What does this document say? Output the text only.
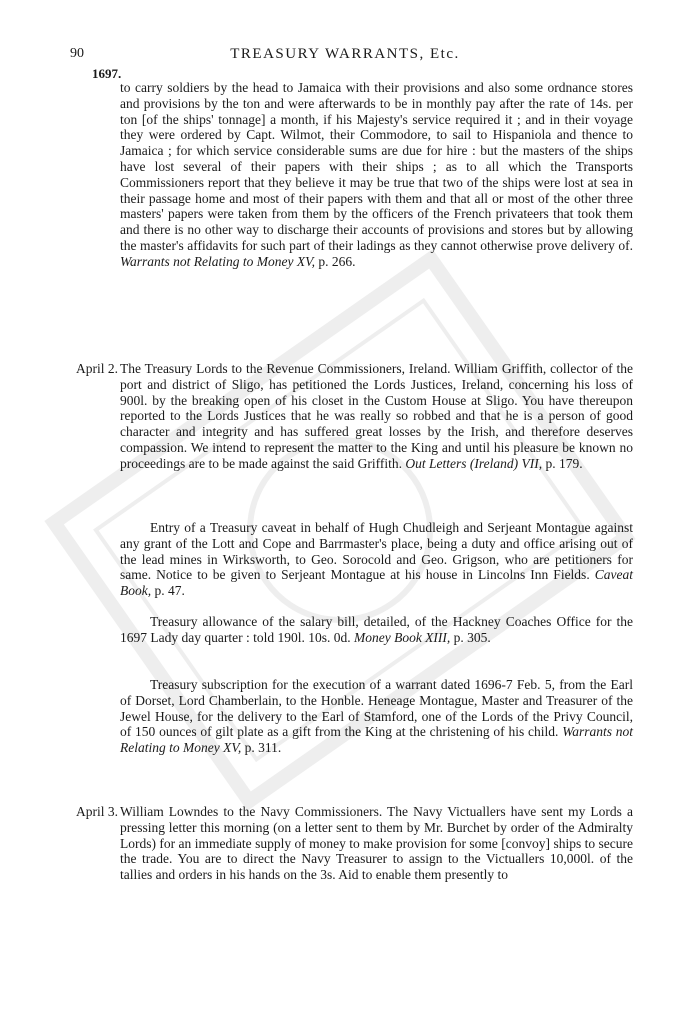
90	TREASURY WARRANTS, Etc.
1697.

to carry soldiers by the head to Jamaica with their provisions and also some ordnance stores and provisions by the ton and were afterwards to be in monthly pay after the rate of 14s. per ton [of the ships' tonnage] a month, if his Majesty's service required it ; and in their voyage they were ordered by Capt. Wilmot, their Commodore, to sail to Hispaniola and thence to Jamaica ; for which service considerable sums are due for hire : but the masters of the ships have lost several of their papers with their ships ; as to all which the Transports Commissioners report that they believe it may be true that two of the ships were lost at sea in their passage home and most of their papers with them and that all or most of the other three masters' papers were taken from them by the officers of the French privateers that took them and there is no other way to discharge their accounts of provisions and stores but by allowing the master's affidavits for such part of their ladings as they cannot otherwise prove delivery of. Warrants not Relating to Money XV, p. 266.

April 2. The Treasury Lords to the Revenue Commissioners, Ireland. William Griffith, collector of the port and district of Sligo, has petitioned the Lords Justices, Ireland, concerning his loss of 900l. by the breaking open of his closet in the Custom House at Sligo. You have thereupon reported to the Lords Justices that he was really so robbed and that he is a person of good character and integrity and has suffered great losses by the Irish, and therefore deserves compassion. We intend to represent the matter to the King and until his pleasure be known no proceedings are to be made against the said Griffith. Out Letters (Ireland) VII, p. 179.

Entry of a Treasury caveat in behalf of Hugh Chudleigh and Serjeant Montague against any grant of the Lott and Cope and Barrmaster's place, being a duty and office arising out of the lead mines in Wirksworth, to Geo. Sorocold and Geo. Grigson, who are petitioners for same. Notice to be given to Serjeant Montague at his house in Lincolns Inn Fields. Caveat Book, p. 47.

Treasury allowance of the salary bill, detailed, of the Hackney Coaches Office for the 1697 Lady day quarter : told 190l. 10s. 0d. Money Book XIII, p. 305.

Treasury subscription for the execution of a warrant dated 1696-7 Feb. 5, from the Earl of Dorset, Lord Chamberlain, to the Honble. Heneage Montague, Master and Treasurer of the Jewel House, for the delivery to the Earl of Stamford, one of the Lords of the Privy Council, of 150 ounces of gilt plate as a gift from the King at the christening of his child. Warrants not Relating to Money XV, p. 311.

April 3. William Lowndes to the Navy Commissioners. The Navy Victuallers have sent my Lords a pressing letter this morning (on a letter sent to them by Mr. Burchet by order of the Admiralty Lords) for an immediate supply of money to make provision for some [convoy] ships to secure the trade. You are to direct the Navy Treasurer to assign to the Victuallers 10,000l. of the tallies and orders in his hands on the 3s. Aid to enable them presently to
